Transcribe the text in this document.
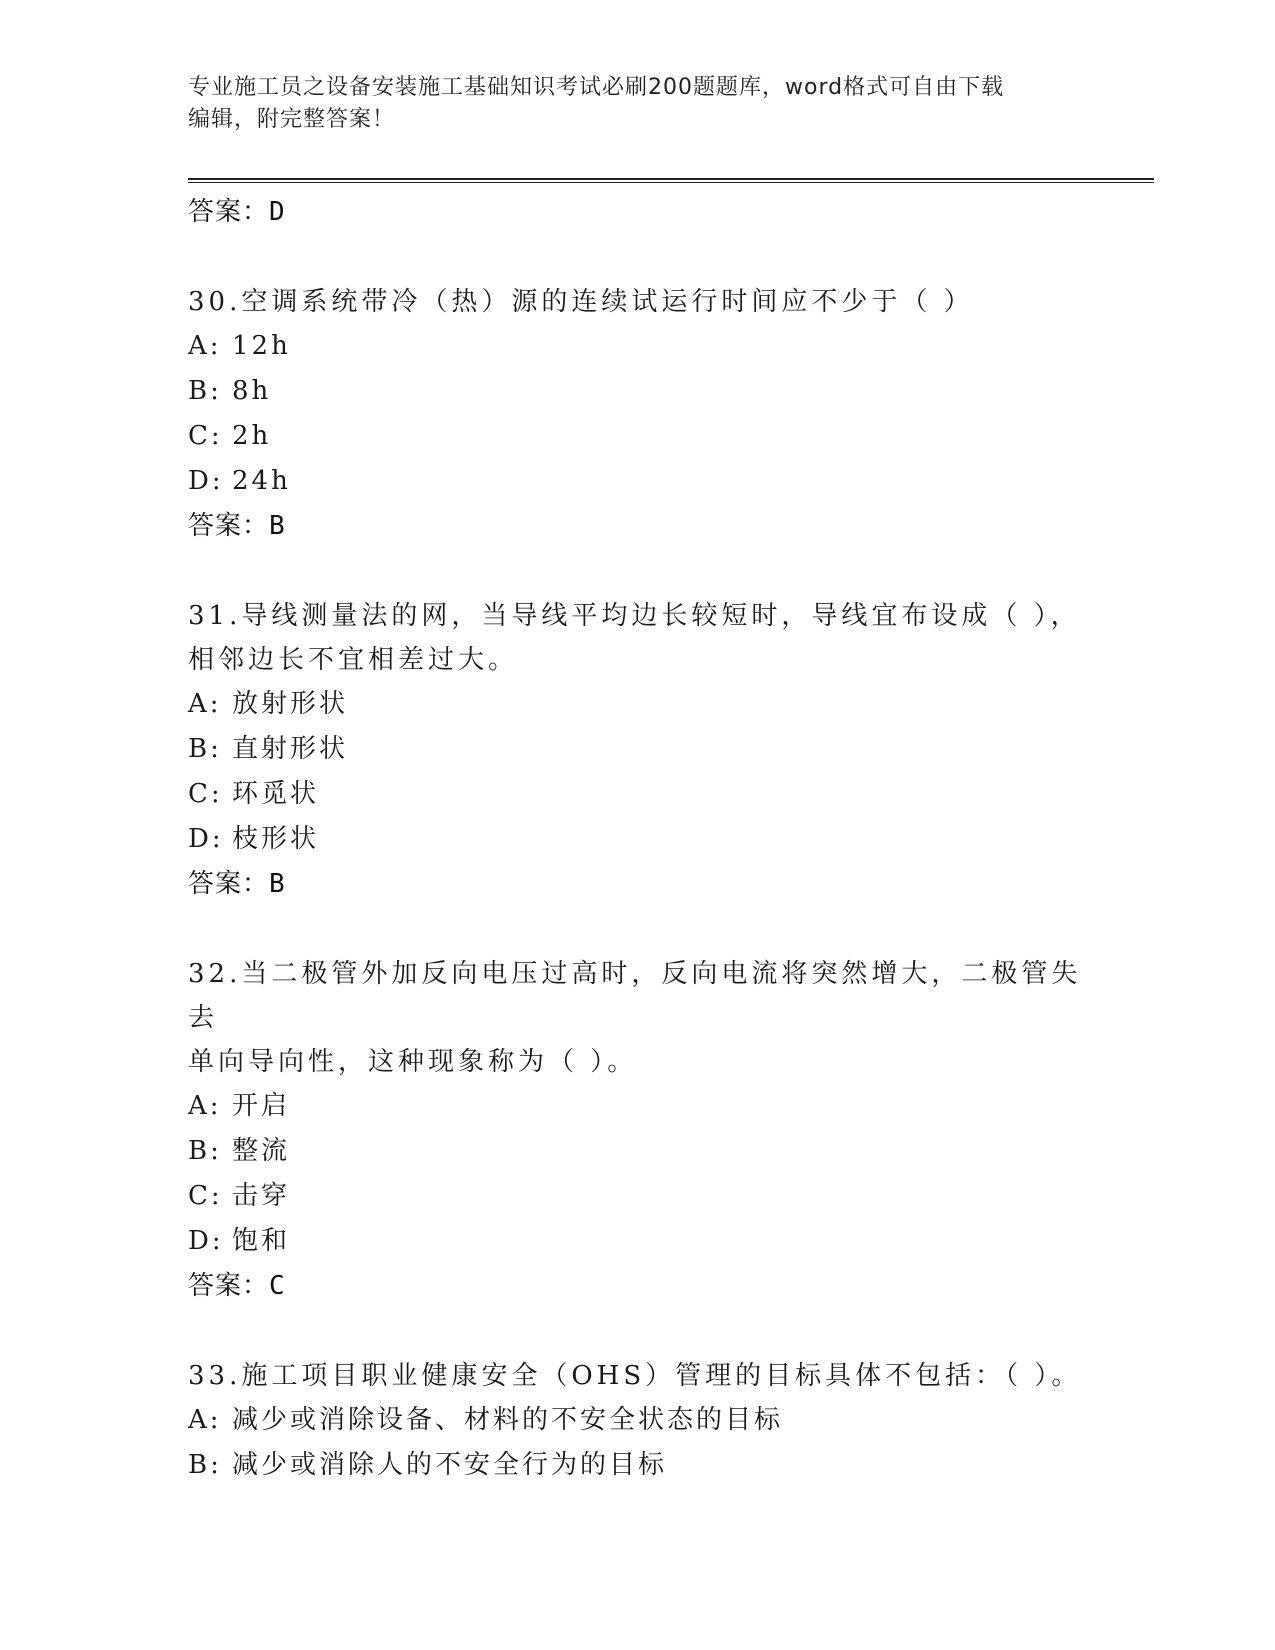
专业施工员之设备安装施工基础知识考试必刷200题题库，word格式可自由下载
编辑，附完整答案！
答案：D
30.空调系统带冷（热）源的连续试运行时间应不少于（ ）
A: 12h
B: 8h
C: 2h
D: 24h
答案：B
31.导线测量法的网，当导线平均边长较短时，导线宜布设成（ ），
相邻边长不宜相差过大。
A: 放射形状
B: 直射形状
C: 环觅状
D: 枝形状
答案：B
32.当二极管外加反向电压过高时，反向电流将突然增大，二极管失去
单向导向性，这种现象称为（ ）。
A: 开启
B: 整流
C: 击穿
D: 饱和
答案：C
33.施工项目职业健康安全（OHS）管理的目标具体不包括：（ ）。
A: 减少或消除设备、材料的不安全状态的目标
B: 减少或消除人的不安全行为的目标
